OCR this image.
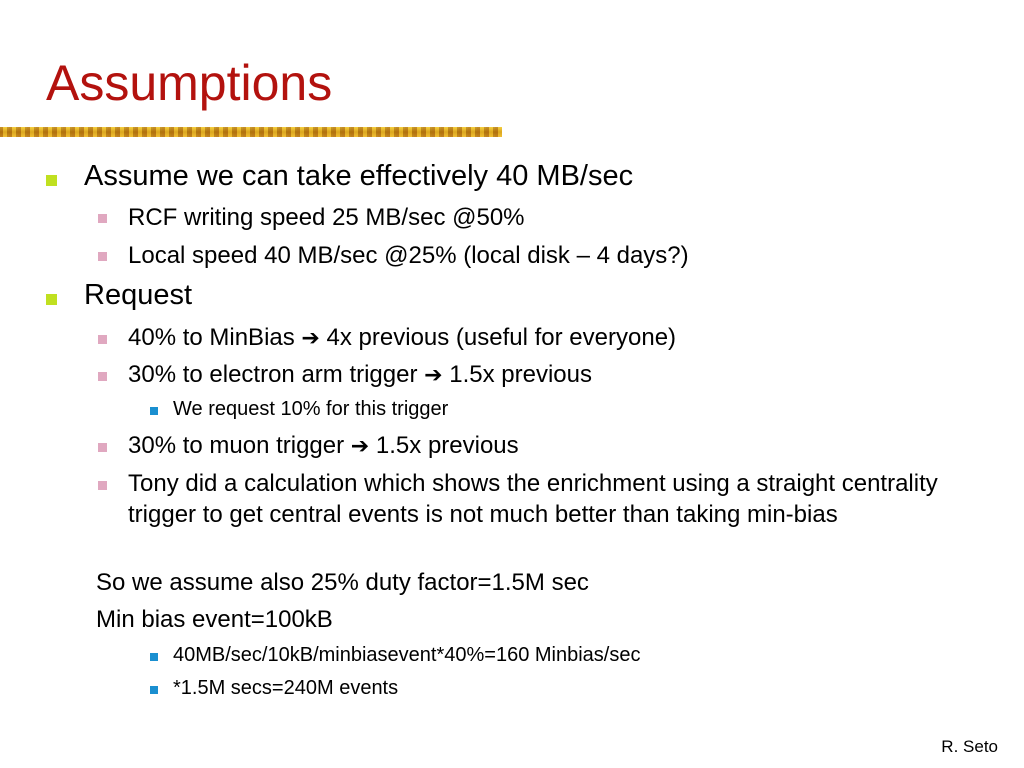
Assumptions
Assume we can take effectively 40 MB/sec
RCF writing speed 25 MB/sec @50%
Local speed 40 MB/sec @25% (local disk – 4 days?)
Request
40% to MinBias ➔ 4x previous (useful for everyone)
30% to electron arm trigger ➔ 1.5x previous
We request 10% for this trigger
30% to muon trigger ➔ 1.5x previous
Tony did a calculation which shows the enrichment using a straight centrality trigger to get central events is not much better than taking min-bias
So we assume also 25% duty factor=1.5M sec
Min bias event=100kB
40MB/sec/10kB/minbiasevent*40%=160 Minbias/sec
*1.5M secs=240M events
R. Seto
